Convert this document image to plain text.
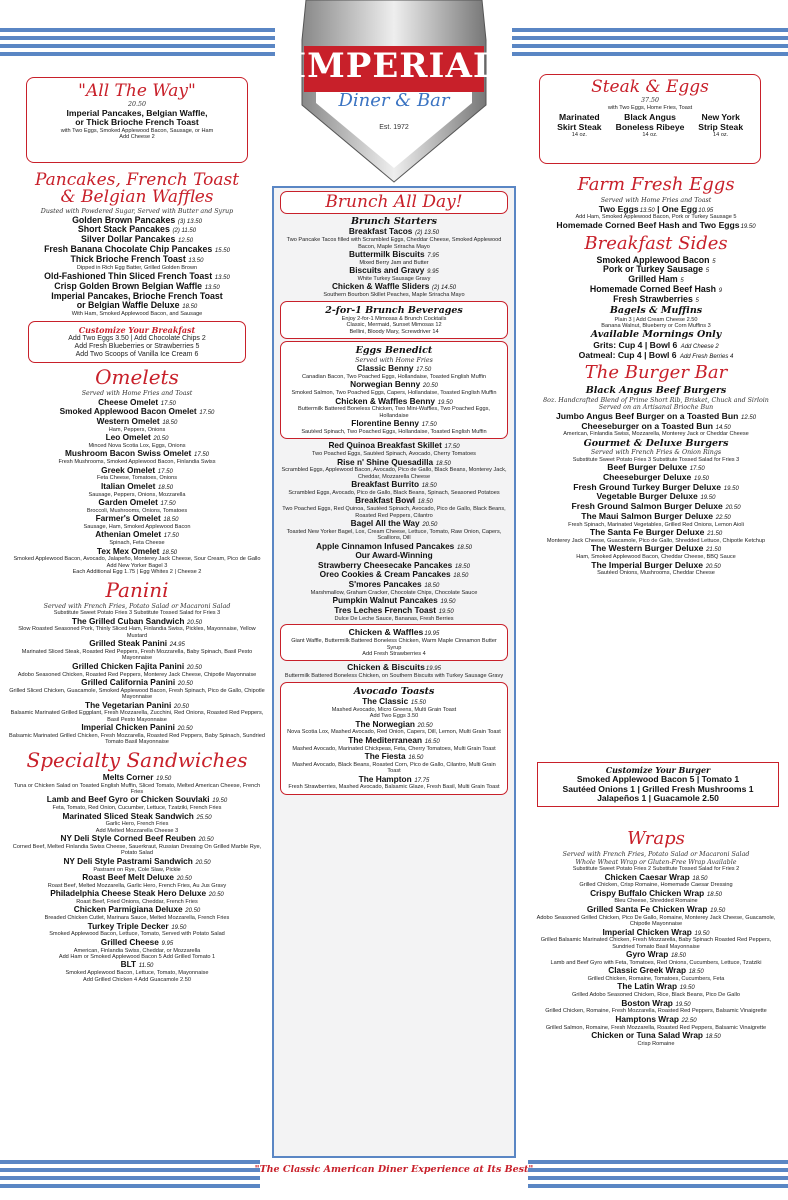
IMPERIAL
Diner & Bar
Est. 1972
"All The Way"
20.50
Imperial Pancakes, Belgian Waffle,
or Thick Brioche French Toast
with Two Eggs, Smoked Applewood Bacon, Sausage, or Ham
Add Cheese 2
Pancakes, French Toast
& Belgian Waffles
Dusted with Powdered Sugar, Served with Butter and Syrup
Golden Brown Pancakes (3) 13.50
Short Stack Pancakes (2) 11.50
Silver Dollar Pancakes 12.50
Fresh Banana Chocolate Chip Pancakes 15.50
Thick Brioche French Toast 13.50
Dipped in Rich Egg Batter, Grilled Golden Brown
Old-Fashioned Thin Sliced French Toast 13.50
Crisp Golden Brown Belgian Waffle 13.50
Imperial Pancakes, Brioche French Toast
or Belgian Waffle Deluxe 18.50
With Ham, Smoked Applewood Bacon, and Sausage
Customize Your Breakfast
Add Two Eggs 3.50 | Add Chocolate Chips 2
Add Fresh Blueberries or Strawberries 5
Add Two Scoops of Vanilla Ice Cream 6
Omelets
Served with Home Fries and Toast
Cheese Omelet 17.50
Smoked Applewood Bacon Omelet 17.50
Western Omelet 18.50
Ham, Peppers, Onions
Leo Omelet 20.50
Minced Nova Scotia Lox, Eggs, Onions
Mushroom Bacon Swiss Omelet 17.50
Fresh Mushrooms, Smoked Applewood Bacon, Finlandia Swiss
Greek Omelet 17.50
Feta Cheese, Tomatoes, Onions
Italian Omelet 18.50
Sausage, Peppers, Onions, Mozzarella
Garden Omelet 17.50
Broccoli, Mushrooms, Onions, Tomatoes
Farmer's Omelet 18.50
Sausage, Ham, Smoked Applewood Bacon
Athenian Omelet 17.50
Spinach, Feta Cheese
Tex Mex Omelet 18.50
Smoked Applewood Bacon, Avocado, Jalapeño, Monterey Jack Cheese, Sour Cream, Pico de Gallo
Add New Yorker Bagel 3
Each Additional Egg 1.75 | Egg Whites 2 | Cheese 2
Panini
Served with French Fries, Potato Salad or Macaroni Salad
Substitute Sweet Potato Fries 3 Substitute Tossed Salad for Fries 3
The Grilled Cuban Sandwich 20.50
Slow Roasted Seasoned Pork, Thinly Sliced Ham, Finlandia Swiss, Pickles, Mayonnaise, Yellow Mustard
Grilled Steak Panini 24.95
Marinated Sliced Steak, Roasted Red Peppers, Fresh Mozzarella, Baby Spinach, Basil Pesto Mayonnaise
Grilled Chicken Fajita Panini 20.50
Adobo Seasoned Chicken, Roasted Red Peppers, Monterey Jack Cheese, Chipotle Mayonnaise
Grilled California Panini 20.50
Grilled Sliced Chicken, Guacamole, Smoked Applewood Bacon, Fresh Spinach, Pico de Gallo, Chipotle Mayonnaise
The Vegetarian Panini 20.50
Balsamic Marinated Grilled Eggplant, Fresh Mozzarella, Zucchini, Red Onions, Roasted Red Peppers, Basil Pesto Mayonnaise
Imperial Chicken Panini 20.50
Balsamic Marinated Grilled Chicken, Fresh Mozzarella, Roasted Red Peppers, Baby Spinach, Sundried Tomato Basil Mayonnaise
Specialty Sandwiches
Melts Corner 19.50
Tuna or Chicken Salad on Toasted English Muffin, Sliced Tomato, Melted American Cheese, French Fries
Lamb and Beef Gyro or Chicken Souvlaki 19.50
Feta, Tomato, Red Onion, Cucumber, Lettuce, Tzatziki, French Fries
Marinated Sliced Steak Sandwich 25.50
Garlic Hero, French Fries
Add Melted Mozzarella Cheese 3
NY Deli Style Corned Beef Reuben 20.50
Corned Beef, Melted Finlandia Swiss Cheese, Sauerkraut, Russian Dressing On Grilled Marble Rye, Potato Salad
NY Deli Style Pastrami Sandwich 20.50
Pastrami on Rye, Cole Slaw, Pickle
Roast Beef Melt Deluxe 20.50
Roast Beef, Melted Mozzarella, Garlic Hero, French Fries, Au Jus Gravy
Philadelphia Cheese Steak Hero Deluxe 20.50
Roast Beef, Fried Onions, Cheddar, French Fries
Chicken Parmigiana Deluxe 20.50
Breaded Chicken Cutlet, Marinara Sauce, Melted Mozzarella, French Fries
Turkey Triple Decker 19.50
Smoked Applewood Bacon, Lettuce, Tomato, Served with Potato Salad
Grilled Cheese 9.95
American, Finlandia Swiss, Cheddar, or Mozzarella
Add Ham or Smoked Applewood Bacon 5 Add Grilled Tomato 1
BLT 11.50
Smoked Applewood Bacon, Lettuce, Tomato, Mayonnaise
Add Grilled Chicken 4 Add Guacamole 2.50
Brunch All Day!
Brunch Starters
Breakfast Tacos (2) 13.50
Two Pancake Tacos filled with Scrambled Eggs, Cheddar Cheese, Smoked Applewood Bacon, Maple Sriracha Mayo
Buttermilk Biscuits 7.95
Mixed Berry Jam and Butter
Biscuits and Gravy 9.95
White Turkey Sausage Gravy
Chicken & Waffle Sliders (2) 14.50
Southern Bourbon Skillet Peaches, Maple Sriracha Mayo
2-for-1 Brunch Beverages
Enjoy 2-for-1 Mimosas & Brunch Cocktails
Classic, Mermaid, Sunset Mimosas 12
Bellini, Bloody Mary, Screwdriver 14
Eggs Benedict
Served with Home Fries
Classic Benny 17.50
Canadian Bacon, Two Poached Eggs, Hollandaise, Toasted English Muffin
Norwegian Benny 20.50
Smoked Salmon, Two Poached Eggs, Capers, Hollandaise, Toasted English Muffin
Chicken & Waffles Benny 19.50
Buttermilk Battered Boneless Chicken, Two Mini-Waffles, Two Poached Eggs, Hollandaise
Florentine Benny 17.50
Sautéed Spinach, Two Poached Eggs, Hollandaise, Toasted English Muffin
Red Quinoa Breakfast Skillet 17.50
Two Poached Eggs, Sautéed Spinach, Avocado, Cherry Tomatoes
Rise n' Shine Quesadilla 18.50
Scrambled Eggs, Applewood Bacon, Avocado, Pico de Gallo, Black Beans, Monterey Jack, Cheddar, Mozzarella Cheese
Breakfast Burrito 18.50
Scrambled Eggs, Avocado, Pico de Gallo, Black Beans, Spinach, Seasoned Potatoes
Breakfast Bowl 18.50
Two Poached Eggs, Red Quinoa, Sautéed Spinach, Avocado, Pico de Gallo, Black Beans, Roasted Red Peppers, Cilantro
Bagel All the Way 20.50
Toasted New Yorker Bagel, Lox, Cream Cheese, Lettuce, Tomato, Raw Onion, Capers, Scallions, Dill
Apple Cinnamon Infused Pancakes 18.50
Our Award-Winning
Strawberry Cheesecake Pancakes 18.50
Oreo Cookies & Cream Pancakes 18.50
S'mores Pancakes 18.50
Marshmallow, Graham Cracker, Chocolate Chips, Chocolate Sauce
Pumpkin Walnut Pancakes 19.50
Tres Leches French Toast 19.50
Dulce De Leche Sauce, Bananas, Fresh Berries
Chicken & Waffles19.95
Giant Waffle, Buttermilk Battered Boneless Chicken, Warm Maple Cinnamon Butter Syrup
Add Fresh Strawberries 4
Chicken & Biscuits19.95
Buttermilk Battered Boneless Chicken, on Southern Biscuits with Turkey Sausage Gravy
Avocado Toasts
The Classic 15.50
Mashed Avocado, Micro Greens, Multi Grain Toast
Add Two Eggs 3.50
The Norwegian 20.50
Nova Scotia Lox, Mashed Avocado, Red Onion, Capers, Dill, Lemon, Multi Grain Toast
The Mediterranean 16.50
Mashed Avocado, Marinated Chickpeas, Feta, Cherry Tomatoes, Multi Grain Toast
The Fiesta 16.50
Mashed Avocado, Black Beans, Roasted Corn, Pico de Gallo, Cilantro, Multi Grain Toast
The Hampton 17.75
Fresh Strawberries, Mashed Avocado, Balsamic Glaze, Fresh Basil, Multi Grain Toast
Steak & Eggs
37.50
with Two Eggs, Home Fries, Toast
Marinated
Skirt Steak
14 oz.
Black Angus
Boneless Ribeye
14 oz.
New York
Strip Steak
14 oz.
Farm Fresh Eggs
Served with Home Fries and Toast
Two Eggs13.50 | One Egg10.95
Add Ham, Smoked Applewood Bacon, Pork or Turkey Sausage 5
Homemade Corned Beef Hash and Two Eggs19.50
Breakfast Sides
Smoked Applewood Bacon 5
Pork or Turkey Sausage 5
Grilled Ham 5
Homemade Corned Beef Hash 9
Fresh Strawberries 5
Bagels & Muffins
Plain 3 | Add Cream Cheese 2.50
Banana Walnut, Blueberry or Corn Muffins 3
Available Mornings Only
Grits: Cup 4 | Bowl 6 Add Cheese 2
Oatmeal: Cup 4 | Bowl 6 Add Fresh Berries 4
The Burger Bar
Black Angus Beef Burgers
8oz. Handcrafted Blend of Prime Short Rib, Brisket, Chuck and Sirloin
Served on an Artisanal Brioche Bun
Jumbo Angus Beef Burger on a Toasted Bun 12.50
Cheeseburger on a Toasted Bun 14.50
American, Finlandia Swiss, Mozzarella, Monterey Jack or Cheddar Cheese
Gourmet & Deluxe Burgers
Served with French Fries & Onion Rings
Substitute Sweet Potato Fries 3 Substitute Tossed Salad for Fries 3
Beef Burger Deluxe 17.50
Cheeseburger Deluxe 19.50
Fresh Ground Turkey Burger Deluxe 19.50
Vegetable Burger Deluxe 19.50
Fresh Ground Salmon Burger Deluxe 20.50
The Maui Salmon Burger Deluxe 22.50
Fresh Spinach, Marinated Vegetables, Grilled Red Onions, Lemon Aioli
The Santa Fe Burger Deluxe 21.50
Monterey Jack Cheese, Guacamole, Pico de Gallo, Shredded Lettuce, Chipotle Ketchup
The Western Burger Deluxe 21.50
Ham, Smoked Applewood Bacon, Cheddar Cheese, BBQ Sauce
The Imperial Burger Deluxe 20.50
Sautéed Onions, Mushrooms, Cheddar Cheese
Customize Your Burger
Smoked Applewood Bacon 5 | Tomato 1
Sautéed Onions 1 | Grilled Fresh Mushrooms 1
Jalapeños 1 | Guacamole 2.50
Wraps
Served with French Fries, Potato Salad or Macaroni Salad
Whole Wheat Wrap or Gluten-Free Wrap Available
Substitute Sweet Potato Fries 2 Substitute Tossed Salad for Fries 2
Chicken Caesar Wrap 18.50
Grilled Chicken, Crisp Romaine, Homemade Caesar Dressing
Crispy Buffalo Chicken Wrap 18.50
Bleu Cheese, Shredded Romaine
Grilled Santa Fe Chicken Wrap 19.50
Adobo Seasoned Grilled Chicken, Pico De Gallo, Romaine, Monterey Jack Cheese, Guacamole, Chipotle Mayonnaise
Imperial Chicken Wrap 19.50
Grilled Balsamic Marinated Chicken, Fresh Mozzarella, Baby Spinach Roasted Red Peppers, Sundried Tomato Basil Mayonnaise
Gyro Wrap 18.50
Lamb and Beef Gyro with Feta, Tomatoes, Red Onions, Cucumbers, Lettuce, Tzatziki
Classic Greek Wrap 18.50
Grilled Chicken, Romaine, Tomatoes, Cucumbers, Feta
The Latin Wrap 19.50
Grilled Adobo Seasoned Chicken, Rice, Black Beans, Pico De Gallo
Boston Wrap 19.50
Grilled Chicken, Romaine, Fresh Mozzarella, Roasted Red Peppers, Balsamic Vinaigrette
Hamptons Wrap 22.50
Grilled Salmon, Romaine, Fresh Mozzarella, Roasted Red Peppers, Balsamic Vinaigrette
Chicken or Tuna Salad Wrap 18.50
Crisp Romaine
"The Classic American Diner Experience at Its Best"
